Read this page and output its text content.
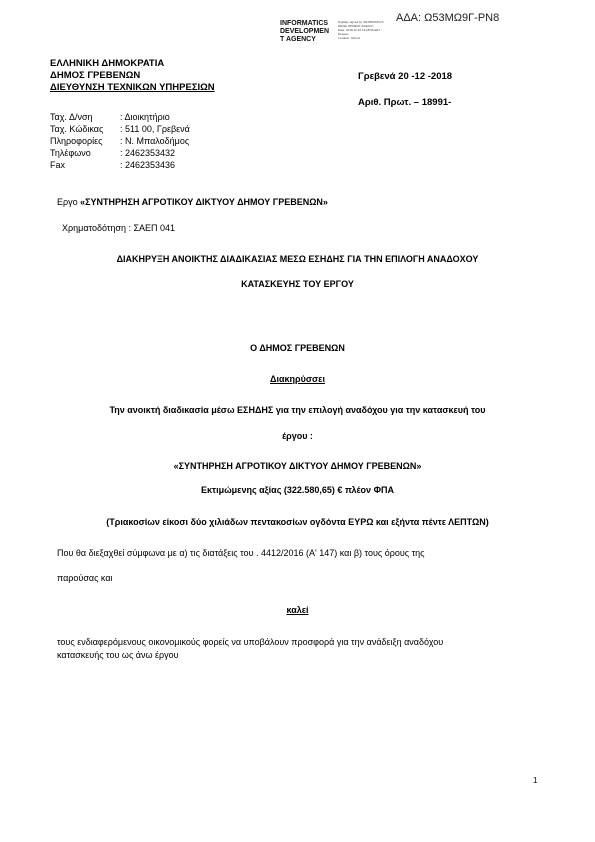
ΑΔΑ: Ω53ΜΩ9Γ-ΡΝ8
INFORMATICS
DEVELOPMEN
T AGENCY
Digitally signed by INFORMATICS
DEVELOPMENT AGENCY
Date: 2018.12.20 13:28:56 EET
Reason:
Location: Athens
ΕΛΛΗΝΙΚΗ ΔΗΜΟΚΡΑΤΙΑ
ΔΗΜΟΣ ΓΡΕΒΕΝΩΝ
ΔΙΕΥΘΥΝΣΗ ΤΕΧΝΙΚΩΝ ΥΠΗΡΕΣΙΩΝ
Γρεβενά 20 -12 -2018
Αριθ. Πρωτ. – 18991-
Ταχ. Δ/νση	: Διοικητήριο
Ταχ. Κώδικας	: 511 00, Γρεβενά
Πληροφορίες	: Ν. Μπαλοδήμος
Τηλέφωνο	: 2462353432
Fax	: 2462353436
Εργο «ΣΥΝΤΗΡΗΣΗ ΑΓΡΟΤΙΚΟΥ ΔΙΚΤΥΟΥ ΔΗΜΟΥ ΓΡΕΒΕΝΩΝ»
Χρηματοδότηση : ΣΑΕΠ 041
ΔΙΑΚΗΡΥΞΗ ΑΝΟΙΚΤΗΣ ΔΙΑΔΙΚΑΣΙΑΣ ΜΕΣΩ ΕΣΗΔΗΣ ΓΙΑ ΤΗΝ ΕΠΙΛΟΓΗ ΑΝΑΔΟΧΟΥ
ΚΑΤΑΣΚΕΥΗΣ ΤΟΥ ΕΡΓΟΥ
Ο ΔΗΜΟΣ ΓΡΕΒΕΝΩΝ
Διακηρύσσει
Την ανοικτή διαδικασία μέσω ΕΣΗΔΗΣ για την επιλογή αναδόχου για την κατασκευή του
έργου :
«ΣΥΝΤΗΡΗΣΗ ΑΓΡΟΤΙΚΟΥ ΔΙΚΤΥΟΥ ΔΗΜΟΥ ΓΡΕΒΕΝΩΝ»
Εκτιμώμενης αξίας (322.580,65) € πλέον ΦΠΑ
(Τριακοσίων είκοσι δύο χιλιάδων πεντακοσίων ογδόντα ΕΥΡΩ και εξήντα πέντε ΛΕΠΤΩΝ)
Που θα διεξαχθεί σύμφωνα με α) τις διατάξεις του . 4412/2016 (Α' 147) και β) τους όρους της
παρούσας και
καλεί
τους ενδιαφερόμενους οικονομικούς φορείς να υποβάλουν προσφορά για την ανάδειξη αναδόχου
κατασκευής του ως άνω έργου
1
